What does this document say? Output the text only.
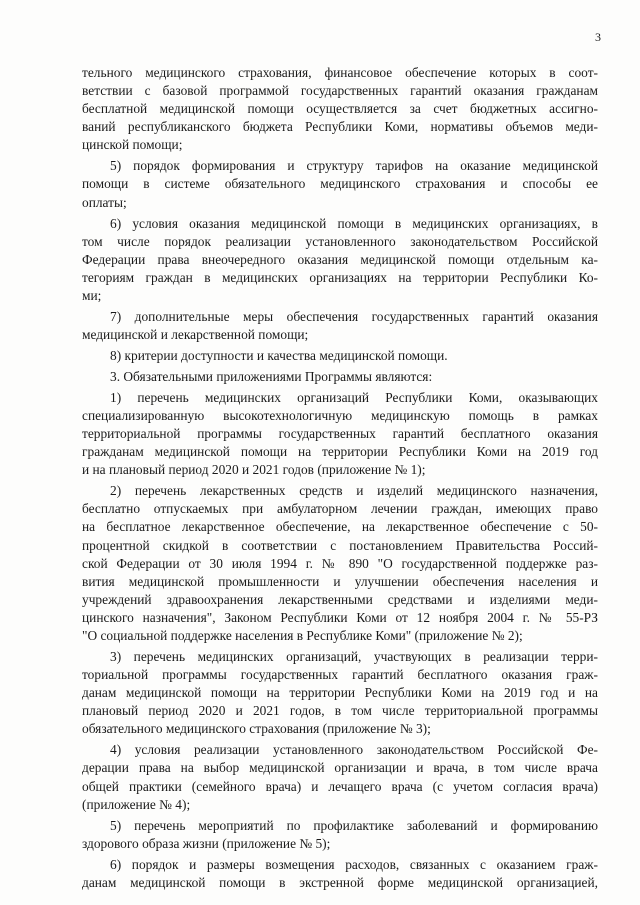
3
тельного медицинского страхования, финансовое обеспечение которых в соот-
ветствии с базовой программой государственных гарантий оказания гражданам
бесплатной медицинской помощи осуществляется за счет бюджетных ассигно-
ваний республиканского бюджета Республики Коми, нормативы объемов меди-
цинской помощи;
5) порядок формирования и структуру тарифов на оказание медицинской
помощи в системе обязательного медицинского страхования и способы ее
оплаты;
6) условия оказания медицинской помощи в медицинских организациях, в
том числе порядок реализации установленного законодательством Российской
Федерации права внеочередного оказания медицинской помощи отдельным ка-
тегориям граждан в медицинских организациях на территории Республики Ко-
ми;
7) дополнительные меры обеспечения государственных гарантий оказания
медицинской и лекарственной помощи;
8) критерии доступности и качества медицинской помощи.
3. Обязательными приложениями Программы являются:
1) перечень медицинских организаций Республики Коми, оказывающих
специализированную высокотехнологичную медицинскую помощь в рамках
территориальной программы государственных гарантий бесплатного оказания
гражданам медицинской помощи на территории Республики Коми на 2019 год
и на плановый период 2020 и 2021 годов (приложение № 1);
2) перечень лекарственных средств и изделий медицинского назначения,
бесплатно отпускаемых при амбулаторном лечении граждан, имеющих право
на бесплатное лекарственное обеспечение, на лекарственное обеспечение с 50-
процентной скидкой в соответствии с постановлением Правительства Россий-
ской Федерации от 30 июля 1994 г. № 890 "О государственной поддержке раз-
вития медицинской промышленности и улучшении обеспечения населения и
учреждений здравоохранения лекарственными средствами и изделиями меди-
цинского назначения", Законом Республики Коми от 12 ноября 2004 г. № 55-РЗ
"О социальной поддержке населения в Республике Коми" (приложение № 2);
3) перечень медицинских организаций, участвующих в реализации терри-
ториальной программы государственных гарантий бесплатного оказания граж-
данам медицинской помощи на территории Республики Коми на 2019 год и на
плановый период 2020 и 2021 годов, в том числе территориальной программы
обязательного медицинского страхования (приложение № 3);
4) условия реализации установленного законодательством Российской Фе-
дерации права на выбор медицинской организации и врача, в том числе врача
общей практики (семейного врача) и лечащего врача (с учетом согласия врача)
(приложение № 4);
5) перечень мероприятий по профилактике заболеваний и формированию
здорового образа жизни (приложение № 5);
6) порядок и размеры возмещения расходов, связанных с оказанием граж-
данам медицинской помощи в экстренной форме медицинской организацией,
